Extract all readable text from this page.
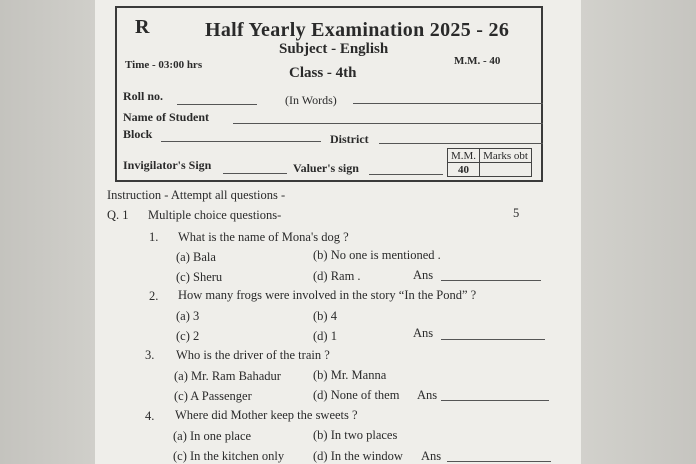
R	Half Yearly Examination 2025 - 26
Subject - English
Class - 4th
Time - 03:00 hrs	M.M. - 40
Roll no.	(In Words)
Name of Student
Block	District
Invigilator's Sign	Valuer's sign
M.M.	Marks obt
40	
Instruction - Attempt all questions -
Q. 1 Multiple choice questions-	5
1. What is the name of Mona's dog ?
(a) Bala	(b) No one is mentioned .
(c) Sheru	(d) Ram .	Ans
2. How many frogs were involved in the story “In the Pond” ?
(a) 3	(b) 4
(c) 2	(d) 1	Ans
3. Who is the driver of the train ?
(a) Mr. Ram Bahadur	(b) Mr. Manna
(c) A Passenger	(d) None of them Ans
4. Where did Mother keep the sweets ?
(a) In one place	(b) In two places
(c) In the kitchen only (d) In the window Ans
